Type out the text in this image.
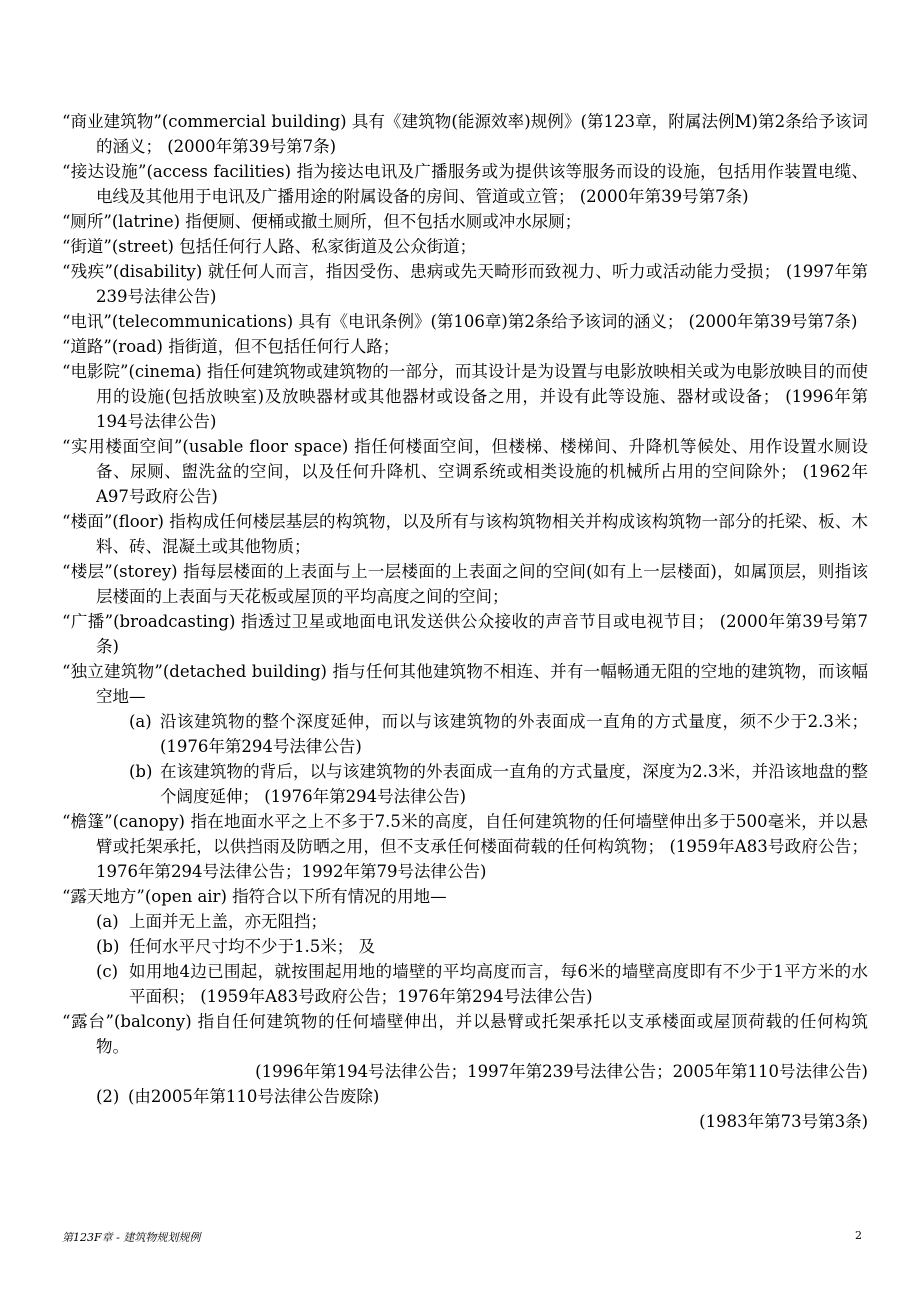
“商业建筑物”(commercial building) 具有《建筑物(能源效率)规例》(第123章，附属法例M)第2条给予该词的涵义； (2000年第39号第7条)
“接达设施”(access facilities) 指为接达电讯及广播服务或为提供该等服务而设的设施，包括用作装置电缆、电线及其他用于电讯及广播用途的附属设备的房间、管道或立管； (2000年第39号第7条)
“厕所”(latrine) 指便厕、便桶或撤土厕所，但不包括水厕或冲水尿厕；
“街道”(street) 包括任何行人路、私家街道及公众街道；
“残疾”(disability) 就任何人而言，指因受伤、患病或先天畸形而致视力、听力或活动能力受损； (1997年第239号法律公告)
“电讯”(telecommunications) 具有《电讯条例》(第106章)第2条给予该词的涵义； (2000年第39号第7条)
“道路”(road) 指街道，但不包括任何行人路；
“电影院”(cinema) 指任何建筑物或建筑物的一部分，而其设计是为设置与电影放映相关或为电影放映目的而使用的设施(包括放映室)及放映器材或其他器材或设备之用，并设有此等设施、器材或设备； (1996年第194号法律公告)
“实用楼面空间”(usable floor space) 指任何楼面空间，但楼梯、楼梯间、升降机等候处、用作设置水厕设备、尿厕、盥洗盆的空间，以及任何升降机、空调系统或相类设施的机械所占用的空间除外； (1962年A97号政府公告)
“楼面”(floor) 指构成任何楼层基层的构筑物，以及所有与该构筑物相关并构成该构筑物一部分的托梁、板、木料、砖、混凝土或其他物质；
“楼层”(storey) 指每层楼面的上表面与上一层楼面的上表面之间的空间(如有上一层楼面)，如属顶层，则指该层楼面的上表面与天花板或屋顶的平均高度之间的空间；
“广播”(broadcasting) 指透过卫星或地面电讯发送供公众接收的声音节目或电视节目； (2000年第39号第7条)
“独立建筑物”(detached building) 指与任何其他建筑物不相连、并有一幅畅通无阻的空地的建筑物，而该幅空地—
(a) 沿该建筑物的整个深度延伸，而以与该建筑物的外表面成一直角的方式量度，须不少于2.3米； (1976年第294号法律公告)
(b) 在该建筑物的背后，以与该建筑物的外表面成一直角的方式量度，深度为2.3米，并沿该地盘的整个阔度延伸； (1976年第294号法律公告)
“檐篷”(canopy) 指在地面水平之上不多于7.5米的高度，自任何建筑物的任何墙壁伸出多于500毫米，并以悬臂或托架承托，以供挡雨及防晒之用，但不支承任何楼面荷载的任何构筑物； (1959年A83号政府公告；1976年第294号法律公告；1992年第79号法律公告)
“露天地方”(open air) 指符合以下所有情况的用地—
(a) 上面并无上盖，亦无阻挡；
(b) 任何水平尺寸均不少于1.5米； 及
(c) 如用地4边已围起，就按围起用地的墙壁的平均高度而言，每6米的墙壁高度即有不少于1平方米的水平面积； (1959年A83号政府公告；1976年第294号法律公告)
“露台”(balcony) 指自任何建筑物的任何墙壁伸出，并以悬臂或托架承托以支承楼面或屋顶荷载的任何构筑物。
(1996年第194号法律公告；1997年第239号法律公告；2005年第110号法律公告)
(2) (由2005年第110号法律公告废除)
(1983年第73号第3条)
第123F章 - 建筑物规划规例	2
